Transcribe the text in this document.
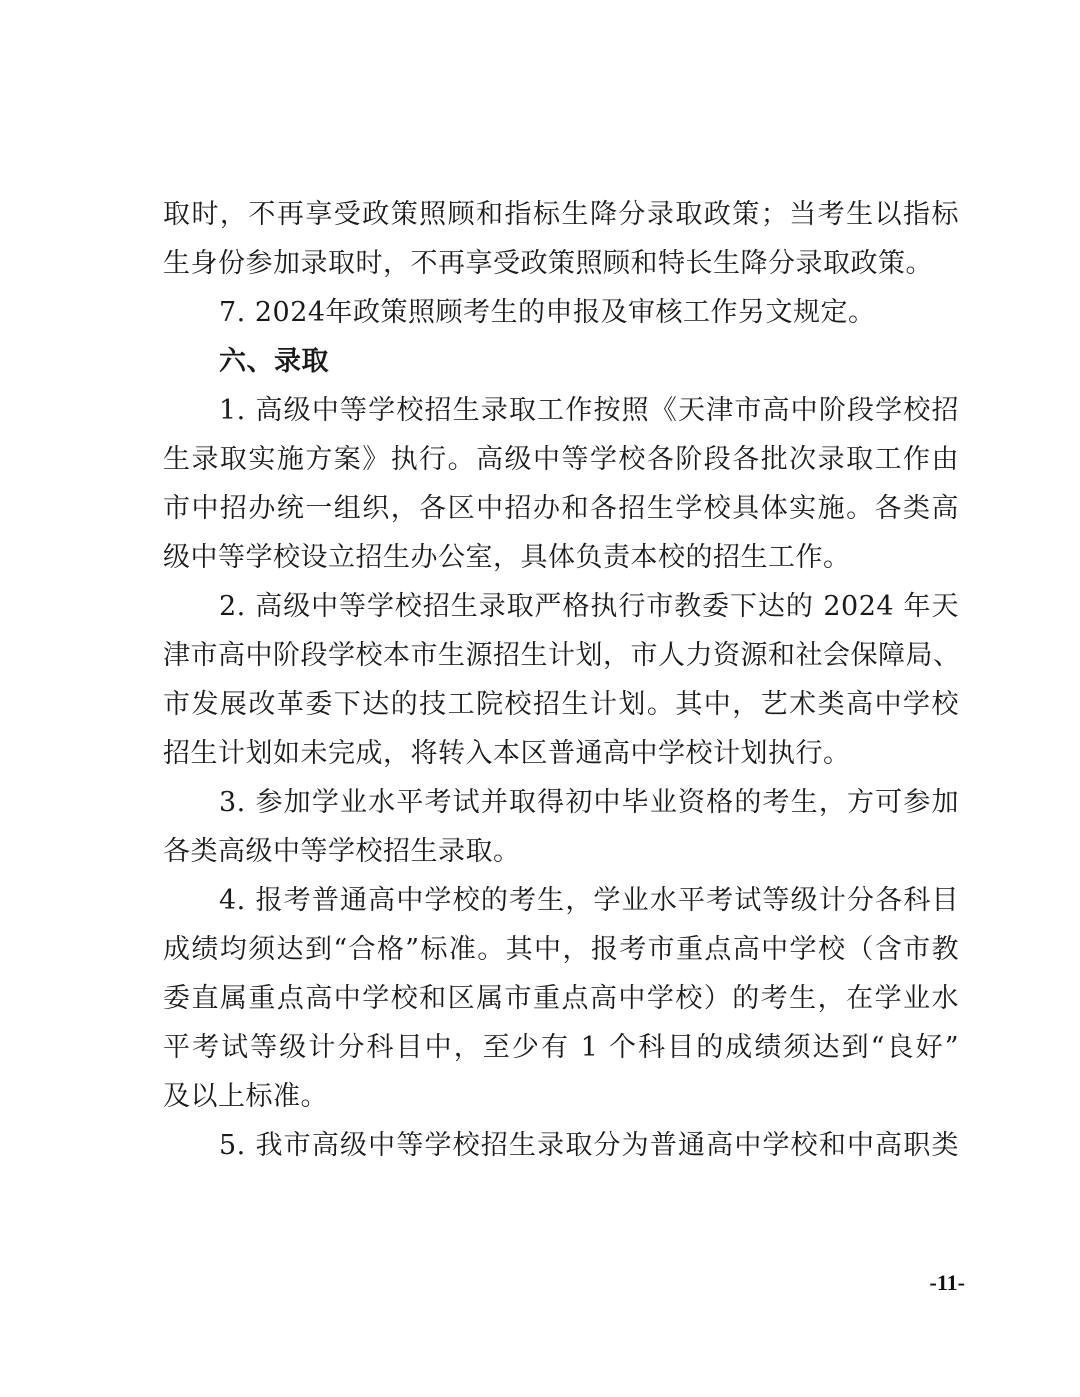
取时，不再享受政策照顾和指标生降分录取政策；当考生以指标
生身份参加录取时，不再享受政策照顾和特长生降分录取政策。
7. 2024年政策照顾考生的申报及审核工作另文规定。
六、录取
1. 高级中等学校招生录取工作按照《天津市高中阶段学校招
生录取实施方案》执行。高级中等学校各阶段各批次录取工作由
市中招办统一组织，各区中招办和各招生学校具体实施。各类高
级中等学校设立招生办公室，具体负责本校的招生工作。
2. 高级中等学校招生录取严格执行市教委下达的 2024 年天
津市高中阶段学校本市生源招生计划，市人力资源和社会保障局、
市发展改革委下达的技工院校招生计划。其中，艺术类高中学校
招生计划如未完成，将转入本区普通高中学校计划执行。
3. 参加学业水平考试并取得初中毕业资格的考生，方可参加
各类高级中等学校招生录取。
4. 报考普通高中学校的考生，学业水平考试等级计分各科目
成绩均须达到“合格”标准。其中，报考市重点高中学校（含市教
委直属重点高中学校和区属市重点高中学校）的考生，在学业水
平考试等级计分科目中，至少有 1 个科目的成绩须达到“良好”
及以上标准。
5. 我市高级中等学校招生录取分为普通高中学校和中高职类
-11-
